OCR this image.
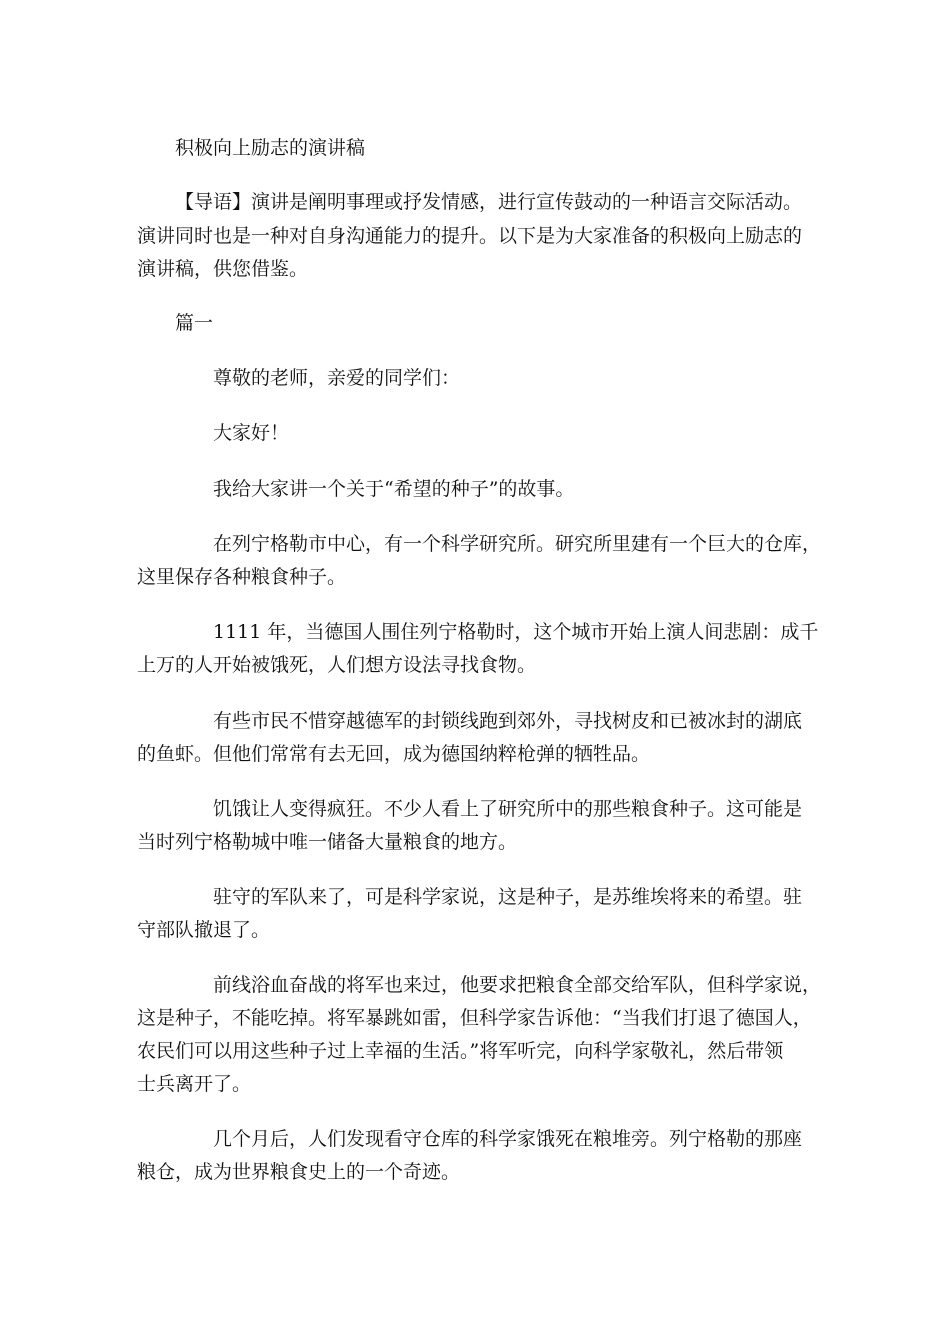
积极向上励志的演讲稿

【导语】演讲是阐明事理或抒发情感，进行宣传鼓动的一种语言交际活动。

演讲同时也是一种对自身沟通能力的提升。以下是为大家准备的积极向上励志的

演讲稿，供您借鉴。

篇一

尊敬的老师，亲爱的同学们：

大家好！

我给大家讲一个关于“希望的种子”的故事。

在列宁格勒市中心，有一个科学研究所。研究所里建有一个巨大的仓库，

这里保存各种粮食种子。

1111 年，当德国人围住列宁格勒时，这个城市开始上演人间悲剧：成千

上万的人开始被饿死，人们想方设法寻找食物。

有些市民不惜穿越德军的封锁线跑到郊外，寻找树皮和已被冰封的湖底

的鱼虾。但他们常常有去无回，成为德国纳粹枪弹的牺牲品。

饥饿让人变得疯狂。不少人看上了研究所中的那些粮食种子。这可能是

当时列宁格勒城中唯一储备大量粮食的地方。

驻守的军队来了，可是科学家说，这是种子，是苏维埃将来的希望。驻

守部队撤退了。

前线浴血奋战的将军也来过，他要求把粮食全部交给军队，但科学家说，

这是种子，不能吃掉。将军暴跳如雷，但科学家告诉他：“当我们打退了德国人，

农民们可以用这些种子过上幸福的生活。”将军听完，向科学家敬礼，然后带领

士兵离开了。

几个月后，人们发现看守仓库的科学家饿死在粮堆旁。列宁格勒的那座

粮仓，成为世界粮食史上的一个奇迹。
